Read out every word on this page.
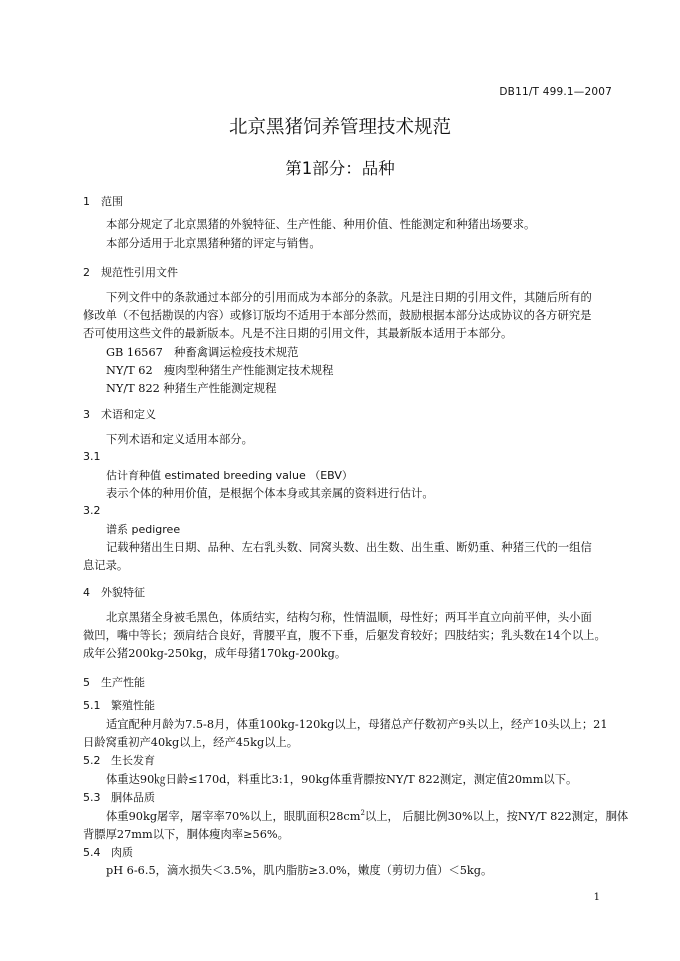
DB11/T 499.1—2007
北京黑猪饲养管理技术规范
第1部分：品种
1 范围
本部分规定了北京黑猪的外貌特征、生产性能、种用价值、性能测定和种猪出场要求。
本部分适用于北京黑猪种猪的评定与销售。
2 规范性引用文件
下列文件中的条款通过本部分的引用而成为本部分的条款。凡是注日期的引用文件，其随后所有的
修改单（不包括勘误的内容）或修订版均不适用于本部分然而，鼓励根据本部分达成协议的各方研究是
否可使用这些文件的最新版本。凡是不注日期的引用文件，其最新版本适用于本部分。
GB 16567　种畜禽调运检疫技术规范
NY/T 62　瘦肉型种猪生产性能测定技术规程
NY/T 822 种猪生产性能测定规程
3 术语和定义
下列术语和定义适用本部分。
3.1
估计育种值 estimated breeding value （EBV）
表示个体的种用价值，是根据个体本身或其亲属的资料进行估计。
3.2
谱系 pedigree
记载种猪出生日期、品种、左右乳头数、同窝头数、出生数、出生重、断奶重、种猪三代的一组信
息记录。
4 外貌特征
北京黑猪全身被毛黑色，体质结实，结构匀称，性情温顺，母性好；两耳半直立向前平伸，头小面
微凹，嘴中等长；颈肩结合良好，背腰平直，腹不下垂，后躯发育较好；四肢结实；乳头数在14个以上。
成年公猪200kg-250kg，成年母猪170kg-200kg。
5 生产性能
5.1 繁殖性能
适宜配种月龄为7.5-8月，体重100kg-120kg以上，母猪总产仔数初产9头以上，经产10头以上；21
日龄窝重初产40kg以上，经产45kg以上。
5.2 生长发育
体重达90㎏日龄≤170d，料重比3:1，90kg体重背膘按NY/T 822测定，测定值20mm以下。
5.3 胴体品质
体重90kg屠宰，屠宰率70%以上，眼肌面积$28cm^2$以上， 后腿比例30%以上，按NY/T 822测定，胴体
背膘厚27mm以下，胴体瘦肉率≥56%。
5.4 肉质
pH 6-6.5，滴水损失＜3.5%，肌内脂肪≥3.0%，嫩度（剪切力值）＜5kg。
1
